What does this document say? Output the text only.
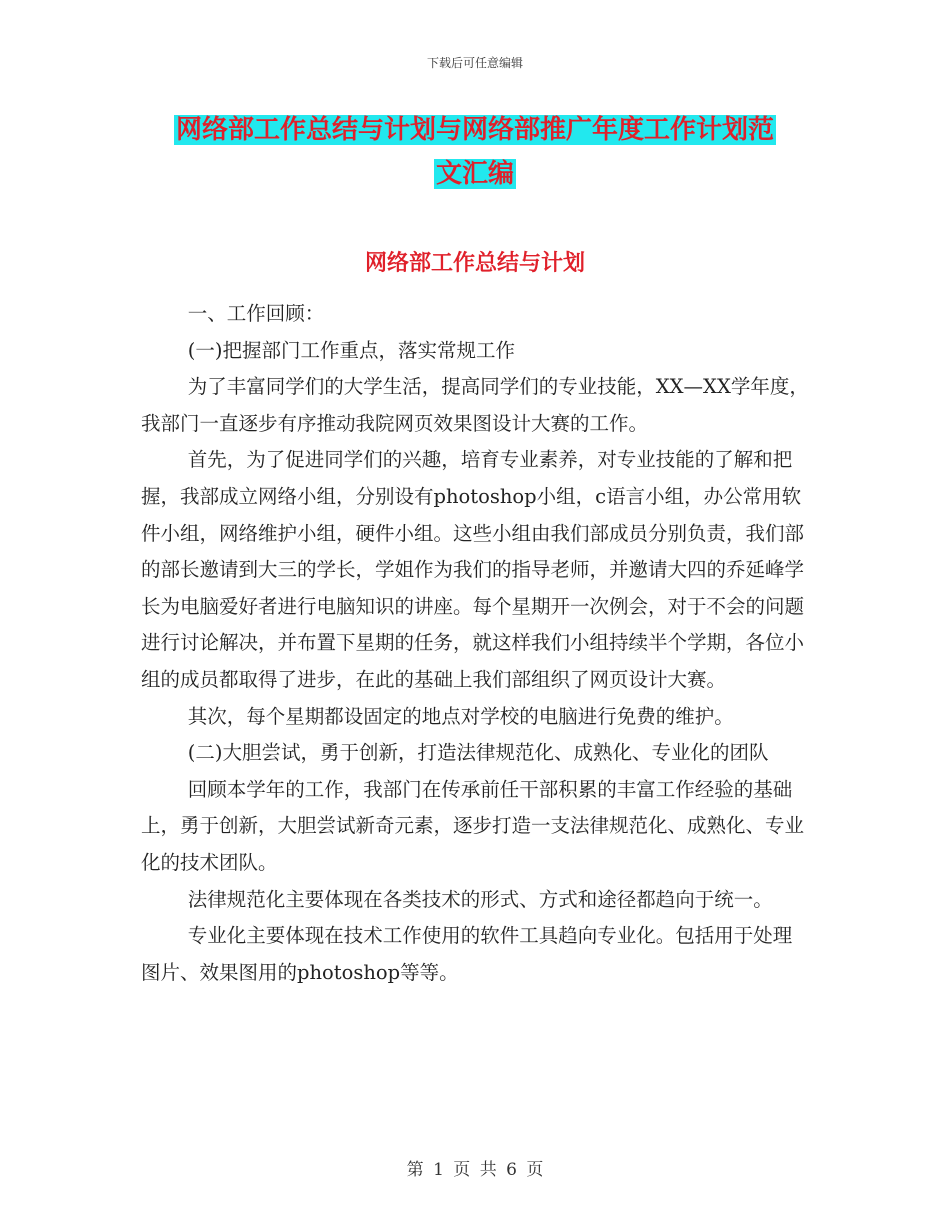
下载后可任意编辑
网络部工作总结与计划与网络部推广年度工作计划范
文汇编
网络部工作总结与计划

一、工作回顾：

(一)把握部门工作重点，落实常规工作

为了丰富同学们的大学生活，提高同学们的专业技能，XX—XX学年度，我部门一直逐步有序推动我院网页效果图设计大赛的工作。

首先，为了促进同学们的兴趣，培育专业素养，对专业技能的了解和把握，我部成立网络小组，分别设有photoshop小组，c语言小组，办公常用软件小组，网络维护小组，硬件小组。这些小组由我们部成员分别负责，我们部的部长邀请到大三的学长，学姐作为我们的指导老师，并邀请大四的乔延峰学长为电脑爱好者进行电脑知识的讲座。每个星期开一次例会，对于不会的问题进行讨论解决，并布置下星期的任务，就这样我们小组持续半个学期，各位小组的成员都取得了进步，在此的基础上我们部组织了网页设计大赛。

其次，每个星期都设固定的地点对学校的电脑进行免费的维护。

(二)大胆尝试，勇于创新，打造法律规范化、成熟化、专业化的团队

回顾本学年的工作，我部门在传承前任干部积累的丰富工作经验的基础上，勇于创新，大胆尝试新奇元素，逐步打造一支法律规范化、成熟化、专业化的技术团队。

法律规范化主要体现在各类技术的形式、方式和途径都趋向于统一。

专业化主要体现在技术工作使用的软件工具趋向专业化。包括用于处理图片、效果图用的photoshop等等。

第 1 页 共 6 页
